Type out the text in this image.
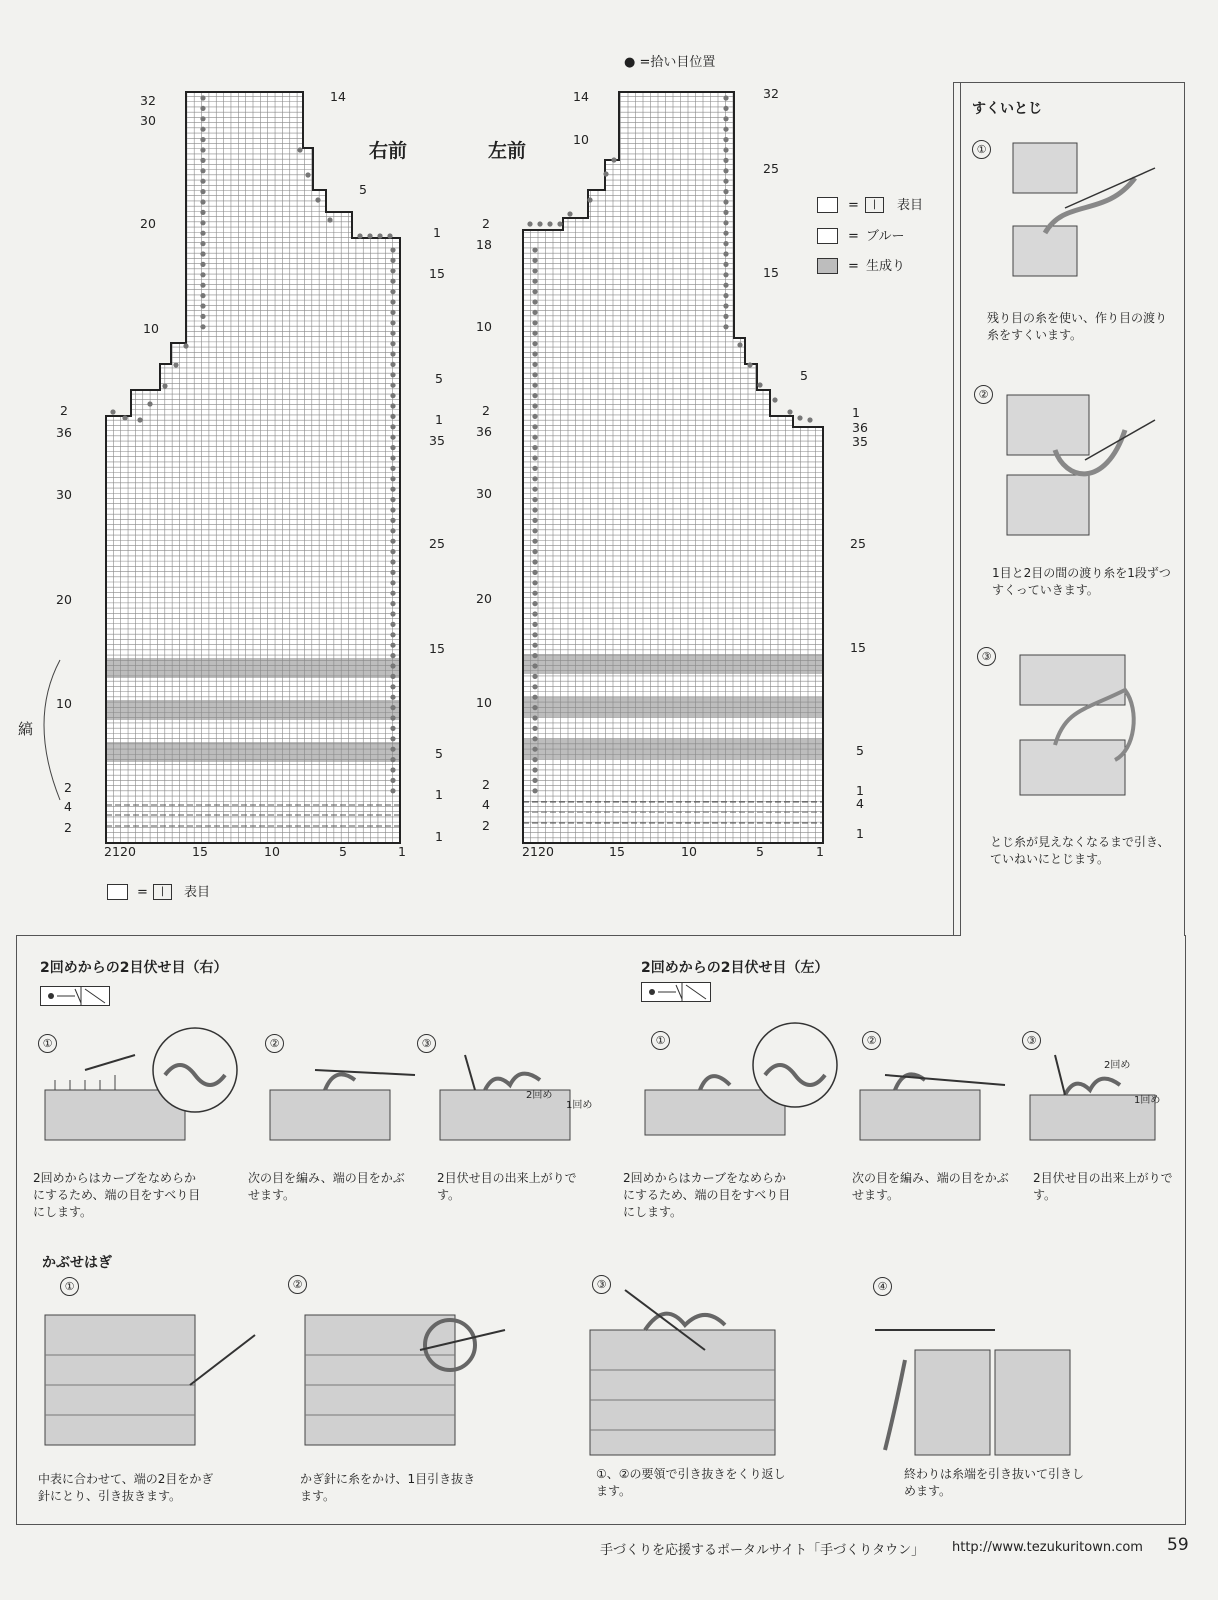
● =拾い目位置
右前	左前
=	|	表目
= ブルー
= 生成り
32
30
20
10
2
36
30
20
10
2
4
2
14
5
1
15
5
1
35
25
15
5
1
1
21 20	15	10	5	1
縞
14
10
2
18
10
2
36
30
20
10
2
4
2
32
25
15
5
1
36
35
25
15
5
1
4
1
21 20	15	10	5	1
=	|	表目
すくいとじ
①
残り目の糸を使い、作り目の渡り糸をすくいます。
②
1目と2目の間の渡り糸を1段ずつすくっていきます。
③
とじ糸が見えなくなるまで引き、ていねいにとじます。
2回めからの2目伏せ目（右）
①
2回めからはカーブをなめらかにするため、端の目をすべり目にします。
②
次の目を編み、端の目をかぶせます。
③
2回め
1回め
2目伏せ目の出来上がりです。
2回めからの2目伏せ目（左）
①
2回めからはカーブをなめらかにするため、端の目をすべり目にします。
②
次の目を編み、端の目をかぶせます。
③
2回め
1回め
2目伏せ目の出来上がりです。
かぶせはぎ
①
中表に合わせて、端の2目をかぎ針にとり、引き抜きます。
②
かぎ針に糸をかけ、1目引き抜きます。
③
①、②の要領で引き抜きをくり返します。
④
終わりは糸端を引き抜いて引きしめます。
手づくりを応援するポータルサイト「手づくりタウン」 http://www.tezukuritown.com 59
